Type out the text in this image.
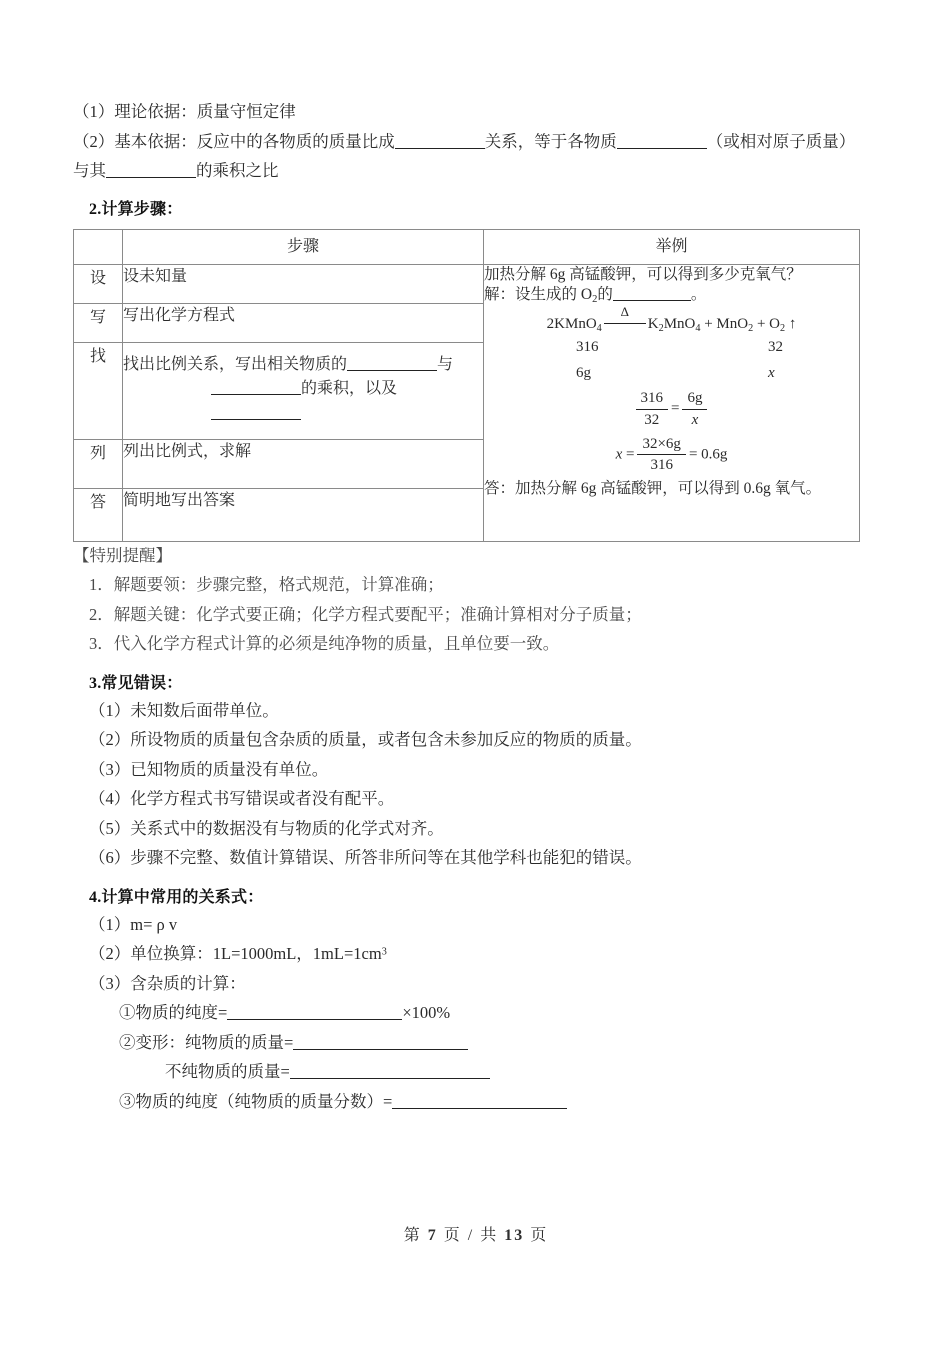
（1）理论依据：质量守恒定律
（2）基本依据：反应中的各物质的质量比成	关系，等于各物质	（或相对原子质量）
与其	的乘积之比
2.计算步骤：
	步骤	举例
设	设未知量	加热分解 6g 高锰酸钾，可以得到多少克氧气？
解：设生成的 $O_2$的	。
2KMnO$_4$
Δ
$K_2MnO_4 + MnO_2 + O_2$ ↑
316	32
6g	x
$\frac{316}{32} = \frac{6g}{x}$
$x = \frac{32\times 6g}{316} = 0.6g$
答：加热分解 6g 高锰酸钾，可以得到 0.6g 氧气。

写	写出化学方程式	
找	找出比例关系，写出相关物质的 与
的乘积，以及	

列	列出比例式，求解	
答	简明地写出答案	
【特别提醒】
1．解题要领：步骤完整，格式规范，计算准确；
2．解题关键：化学式要正确；化学方程式要配平；准确计算相对分子质量；
3．代入化学方程式计算的必须是纯净物的质量，且单位要一致。
3.常见错误：
（1）未知数后面带单位。
（2）所设物质的质量包含杂质的质量，或者包含未参加反应的物质的质量。
（3）已知物质的质量没有单位。
（4）化学方程式书写错误或者没有配平。
（5）关系式中的数据没有与物质的化学式对齐。
（6）步骤不完整、数值计算错误、所答非所问等在其他学科也能犯的错误。
4.计算中常用的关系式：
（1）m= ρ v
（2）单位换算：1L=1000mL，$1mL=1cm^3$
（3）含杂质的计算：
①物质的纯度=	×100%
②变形：纯物质的质量=
不纯物质的质量=
③物质的纯度（纯物质的质量分数）=
第 7 页 / 共 13 页
